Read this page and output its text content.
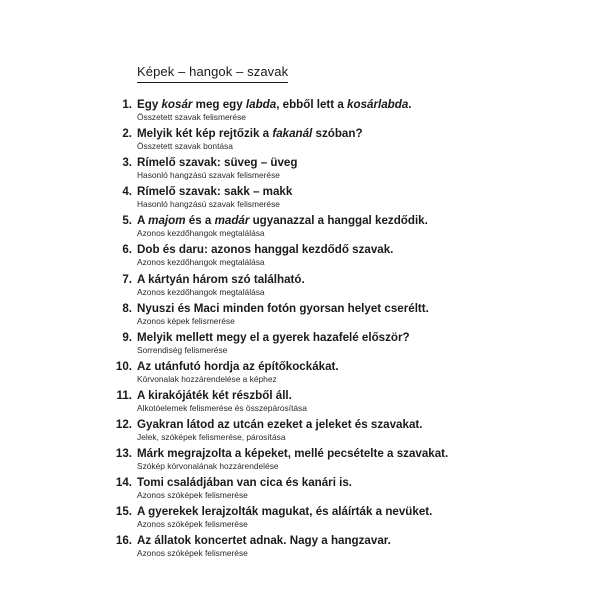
Képek – hangok – szavak
1. Egy kosár meg egy labda, ebből lett a kosárlabda.
Összetett szavak felismerése
2. Melyik két kép rejtőzik a fakanál szóban?
Összetett szavak bontása
3. Rímelő szavak: süveg – üveg
Hasonló hangzású szavak felismerése
4. Rímelő szavak: sakk – makk
Hasonló hangzású szavak felismerése
5. A majom és a madár ugyanazzal a hanggal kezdődik.
Azonos kezdőhangok megtalálása
6. Dob és daru: azonos hanggal kezdődő szavak.
Azonos kezdőhangok megtalálása
7. A kártyán három szó található.
Azonos kezdőhangok megtalálása
8. Nyuszi és Maci minden fotón gyorsan helyet cseréltt.
Azonos képek felismerése
9. Melyik mellett megy el a gyerek hazafelé először?
Sorrendiség felismerése
10. Az utánfutó hordja az építőkockákat.
Körvonalak hozzárendelése a képhez
11. A kirakójáték két részből áll.
Alkotóelemek felismerése és összepárosítása
12. Gyakran látod az utcán ezeket a jeleket és szavakat.
Jelek, szóképek felismerése, párosítása
13. Márk megrajzolta a képeket, mellé pecsételte a szavakat.
Szókép körvonalának hozzárendelése
14. Tomi családjában van cica és kanári is.
Azonos szóképek felismerése
15. A gyerekek lerajzolták magukat, és aláírták a nevüket.
Azonos szóképek felismerése
16. Az állatok koncertet adnak. Nagy a hangzavar.
Azonos szóképek felismerése
